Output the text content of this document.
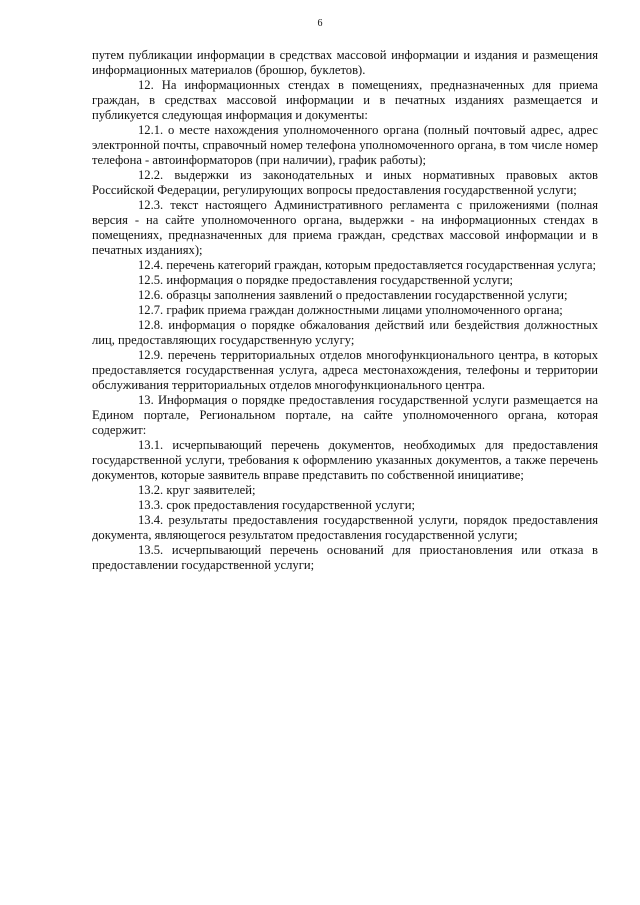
6

путем публикации информации в средствах массовой информации и издания и размещения информационных материалов (брошюр, буклетов).

12. На информационных стендах в помещениях, предназначенных для приема граждан, в средствах массовой информации и в печатных изданиях размещается и публикуется следующая информация и документы:

12.1. о месте нахождения уполномоченного органа (полный почтовый адрес, адрес электронной почты, справочный номер телефона уполномоченного органа, в том числе номер телефона - автоинформаторов (при наличии), график работы);

12.2. выдержки из законодательных и иных нормативных правовых актов Российской Федерации, регулирующих вопросы предоставления государственной услуги;

12.3. текст настоящего Административного регламента с приложениями (полная версия - на сайте уполномоченного органа, выдержки - на информационных стендах в помещениях, предназначенных для приема граждан, средствах массовой информации и в печатных изданиях);

12.4. перечень категорий граждан, которым предоставляется государственная услуга;

12.5. информация о порядке предоставления государственной услуги;

12.6. образцы заполнения заявлений о предоставлении государственной услуги;

12.7. график приема граждан должностными лицами уполномоченного органа;

12.8. информация о порядке обжалования действий или бездействия должностных лиц, предоставляющих государственную услугу;

12.9. перечень территориальных отделов многофункционального центра, в которых предоставляется государственная услуга, адреса местонахождения, телефоны и территории обслуживания территориальных отделов многофункционального центра.

13. Информация о порядке предоставления государственной услуги размещается на Едином портале, Региональном портале, на сайте уполномоченного органа, которая содержит:

13.1. исчерпывающий перечень документов, необходимых для предоставления государственной услуги, требования к оформлению указанных документов, а также перечень документов, которые заявитель вправе представить по собственной инициативе;

13.2. круг заявителей;

13.3. срок предоставления государственной услуги;

13.4. результаты предоставления государственной услуги, порядок предоставления документа, являющегося результатом предоставления государственной услуги;

13.5. исчерпывающий перечень оснований для приостановления или отказа в предоставлении государственной услуги;
